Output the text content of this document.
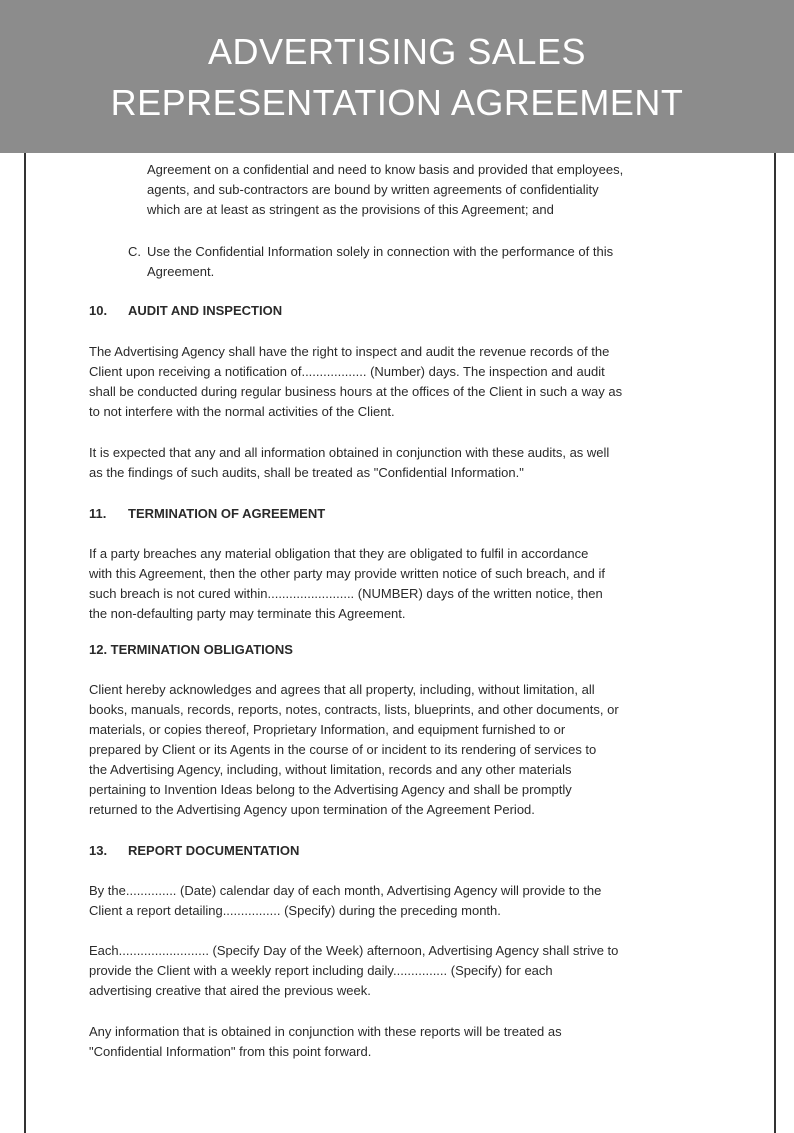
ADVERTISING SALES
REPRESENTATION AGREEMENT
Agreement on a confidential and need to know basis and provided that employees,
agents, and sub-contractors are bound by written agreements of confidentiality
which are at least as stringent as the provisions of this Agreement; and
C. Use the Confidential Information solely in connection with the performance of this
Agreement.
10. AUDIT AND INSPECTION
The Advertising Agency shall have the right to inspect and audit the revenue records of the
Client upon receiving a notification of.................. (Number) days. The inspection and audit
shall be conducted during regular business hours at the offices of the Client in such a way as
to not interfere with the normal activities of the Client.
It is expected that any and all information obtained in conjunction with these audits, as well
as the findings of such audits, shall be treated as "Confidential Information."
11. TERMINATION OF AGREEMENT
If a party breaches any material obligation that they are obligated to fulfil in accordance
with this Agreement, then the other party may provide written notice of such breach, and if
such breach is not cured within........................ (NUMBER) days of the written notice, then
the non-defaulting party may terminate this Agreement.
12. TERMINATION OBLIGATIONS
Client hereby acknowledges and agrees that all property, including, without limitation, all
books, manuals, records, reports, notes, contracts, lists, blueprints, and other documents, or
materials, or copies thereof, Proprietary Information, and equipment furnished to or
prepared by Client or its Agents in the course of or incident to its rendering of services to
the Advertising Agency, including, without limitation, records and any other materials
pertaining to Invention Ideas belong to the Advertising Agency and shall be promptly
returned to the Advertising Agency upon termination of the Agreement Period.
13. REPORT DOCUMENTATION
By the.............. (Date) calendar day of each month, Advertising Agency will provide to the
Client a report detailing................ (Specify) during the preceding month.
Each......................... (Specify Day of the Week) afternoon, Advertising Agency shall strive to
provide the Client with a weekly report including daily............... (Specify) for each
advertising creative that aired the previous week.
Any information that is obtained in conjunction with these reports will be treated as
"Confidential Information" from this point forward.
